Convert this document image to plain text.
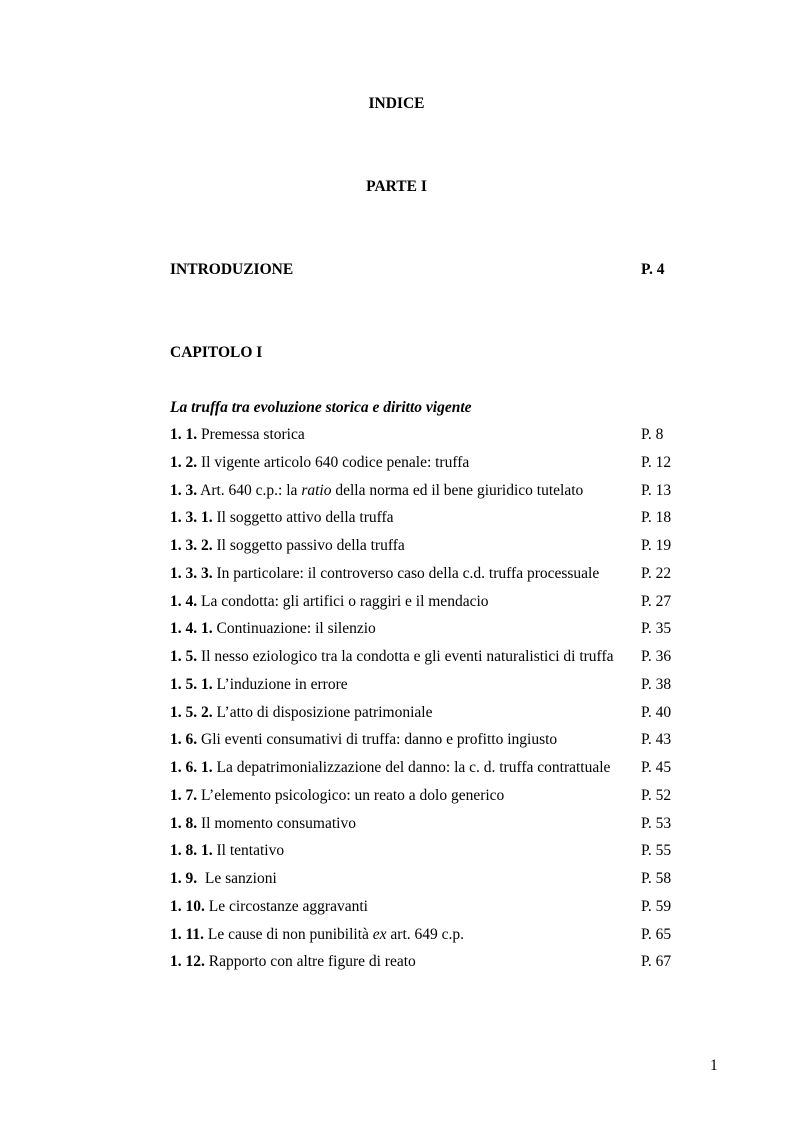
INDICE
PARTE I
INTRODUZIONE	P. 4
CAPITOLO I
La truffa tra evoluzione storica e diritto vigente
1. 1. Premessa storica	P. 8
1. 2. Il vigente articolo 640 codice penale: truffa	P. 12
1. 3. Art. 640 c.p.: la ratio della norma ed il bene giuridico tutelato	P. 13
1. 3. 1. Il soggetto attivo della truffa	P. 18
1. 3. 2. Il soggetto passivo della truffa	P. 19
1. 3. 3. In particolare: il controverso caso della c.d. truffa processuale	P. 22
1. 4. La condotta: gli artifici o raggiri e il mendacio	P. 27
1. 4. 1. Continuazione: il silenzio	P. 35
1. 5. Il nesso eziologico tra la condotta e gli eventi naturalistici di truffa P. 36
1. 5. 1. L’induzione in errore	P. 38
1. 5. 2. L’atto di disposizione patrimoniale	P. 40
1. 6. Gli eventi consumativi di truffa: danno e profitto ingiusto	P. 43
1. 6. 1. La depatrimonializzazione del danno: la c. d. truffa contrattuale P. 45
1. 7. L’elemento psicologico: un reato a dolo generico	P. 52
1. 8. Il momento consumativo	P. 53
1. 8. 1. Il tentativo	P. 55
1. 9.  Le sanzioni	P. 58
1. 10. Le circostanze aggravanti	P. 59
1. 11. Le cause di non punibilità ex art. 649 c.p.	P. 65
1. 12. Rapporto con altre figure di reato	P. 67
1
